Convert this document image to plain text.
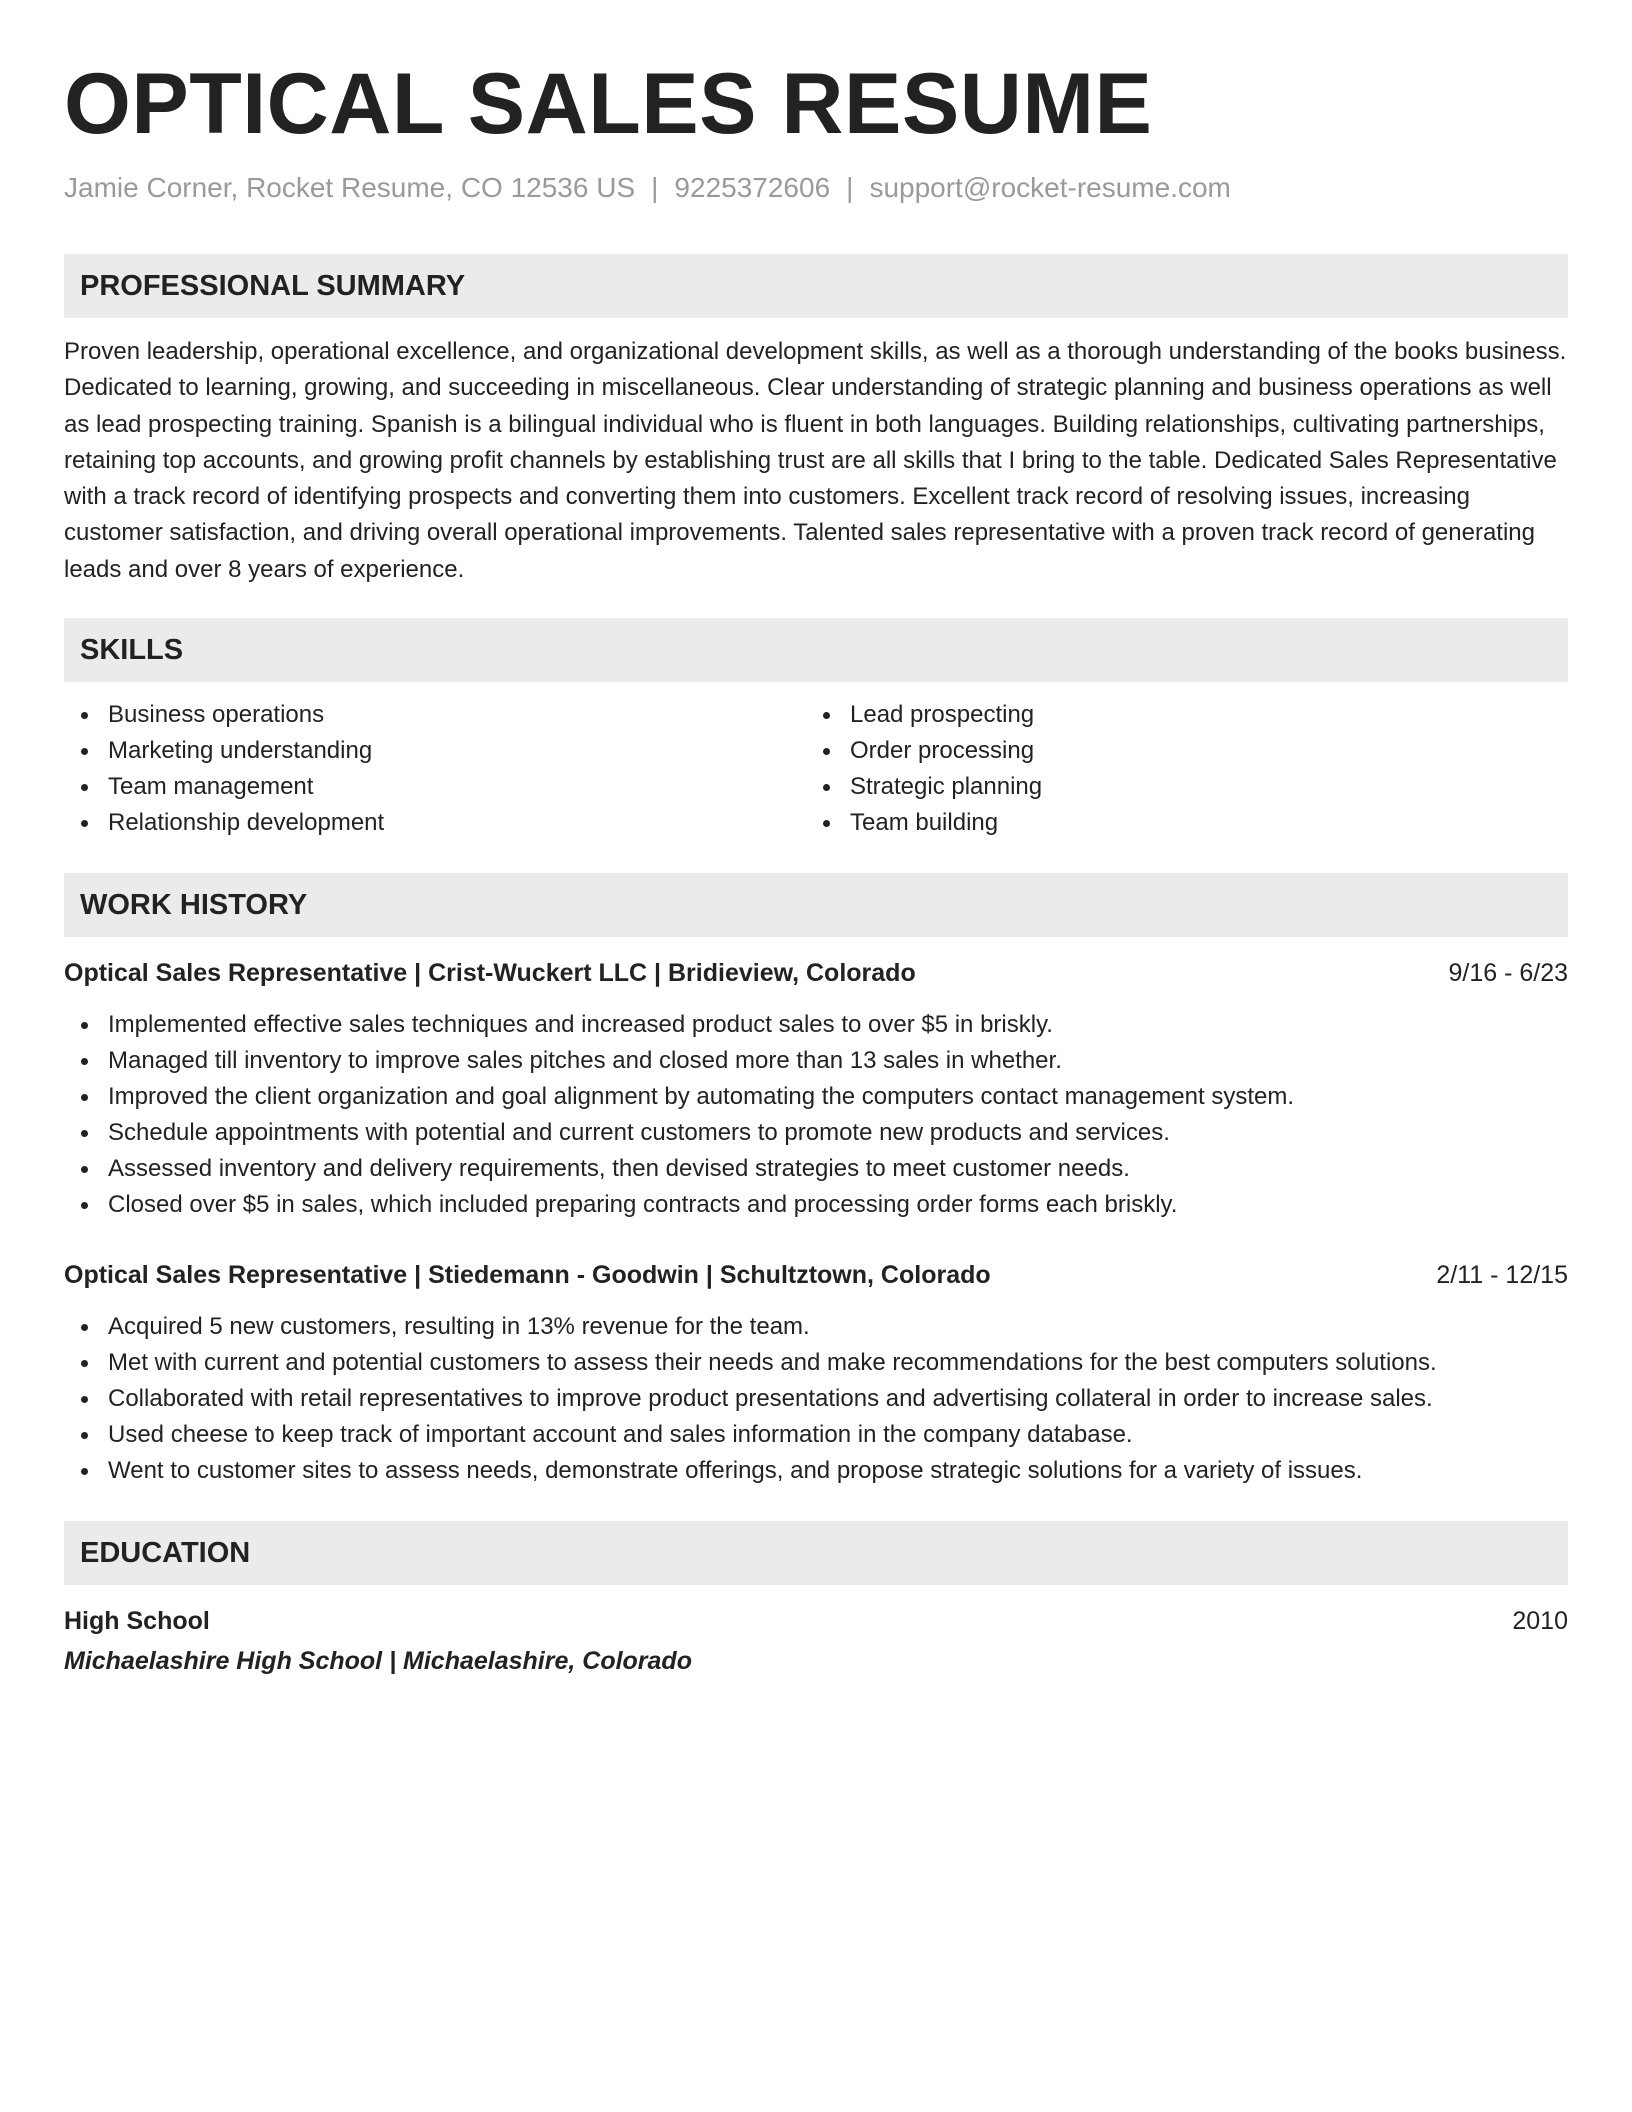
OPTICAL SALES RESUME
Jamie Corner, Rocket Resume, CO 12536 US | 9225372606 | support@rocket-resume.com
PROFESSIONAL SUMMARY
Proven leadership, operational excellence, and organizational development skills, as well as a thorough understanding of the books business. Dedicated to learning, growing, and succeeding in miscellaneous. Clear understanding of strategic planning and business operations as well as lead prospecting training. Spanish is a bilingual individual who is fluent in both languages. Building relationships, cultivating partnerships, retaining top accounts, and growing profit channels by establishing trust are all skills that I bring to the table. Dedicated Sales Representative with a track record of identifying prospects and converting them into customers. Excellent track record of resolving issues, increasing customer satisfaction, and driving overall operational improvements. Talented sales representative with a proven track record of generating leads and over 8 years of experience.
SKILLS
Business operations
Marketing understanding
Team management
Relationship development
Lead prospecting
Order processing
Strategic planning
Team building
WORK HISTORY
Optical Sales Representative | Crist-Wuckert LLC | Bridieview, Colorado	9/16 - 6/23
Implemented effective sales techniques and increased product sales to over $5 in briskly.
Managed till inventory to improve sales pitches and closed more than 13 sales in whether.
Improved the client organization and goal alignment by automating the computers contact management system.
Schedule appointments with potential and current customers to promote new products and services.
Assessed inventory and delivery requirements, then devised strategies to meet customer needs.
Closed over $5 in sales, which included preparing contracts and processing order forms each briskly.
Optical Sales Representative | Stiedemann - Goodwin | Schultztown, Colorado	2/11 - 12/15
Acquired 5 new customers, resulting in 13% revenue for the team.
Met with current and potential customers to assess their needs and make recommendations for the best computers solutions.
Collaborated with retail representatives to improve product presentations and advertising collateral in order to increase sales.
Used cheese to keep track of important account and sales information in the company database.
Went to customer sites to assess needs, demonstrate offerings, and propose strategic solutions for a variety of issues.
EDUCATION
High School	2010
Michaelashire High School | Michaelashire, Colorado
